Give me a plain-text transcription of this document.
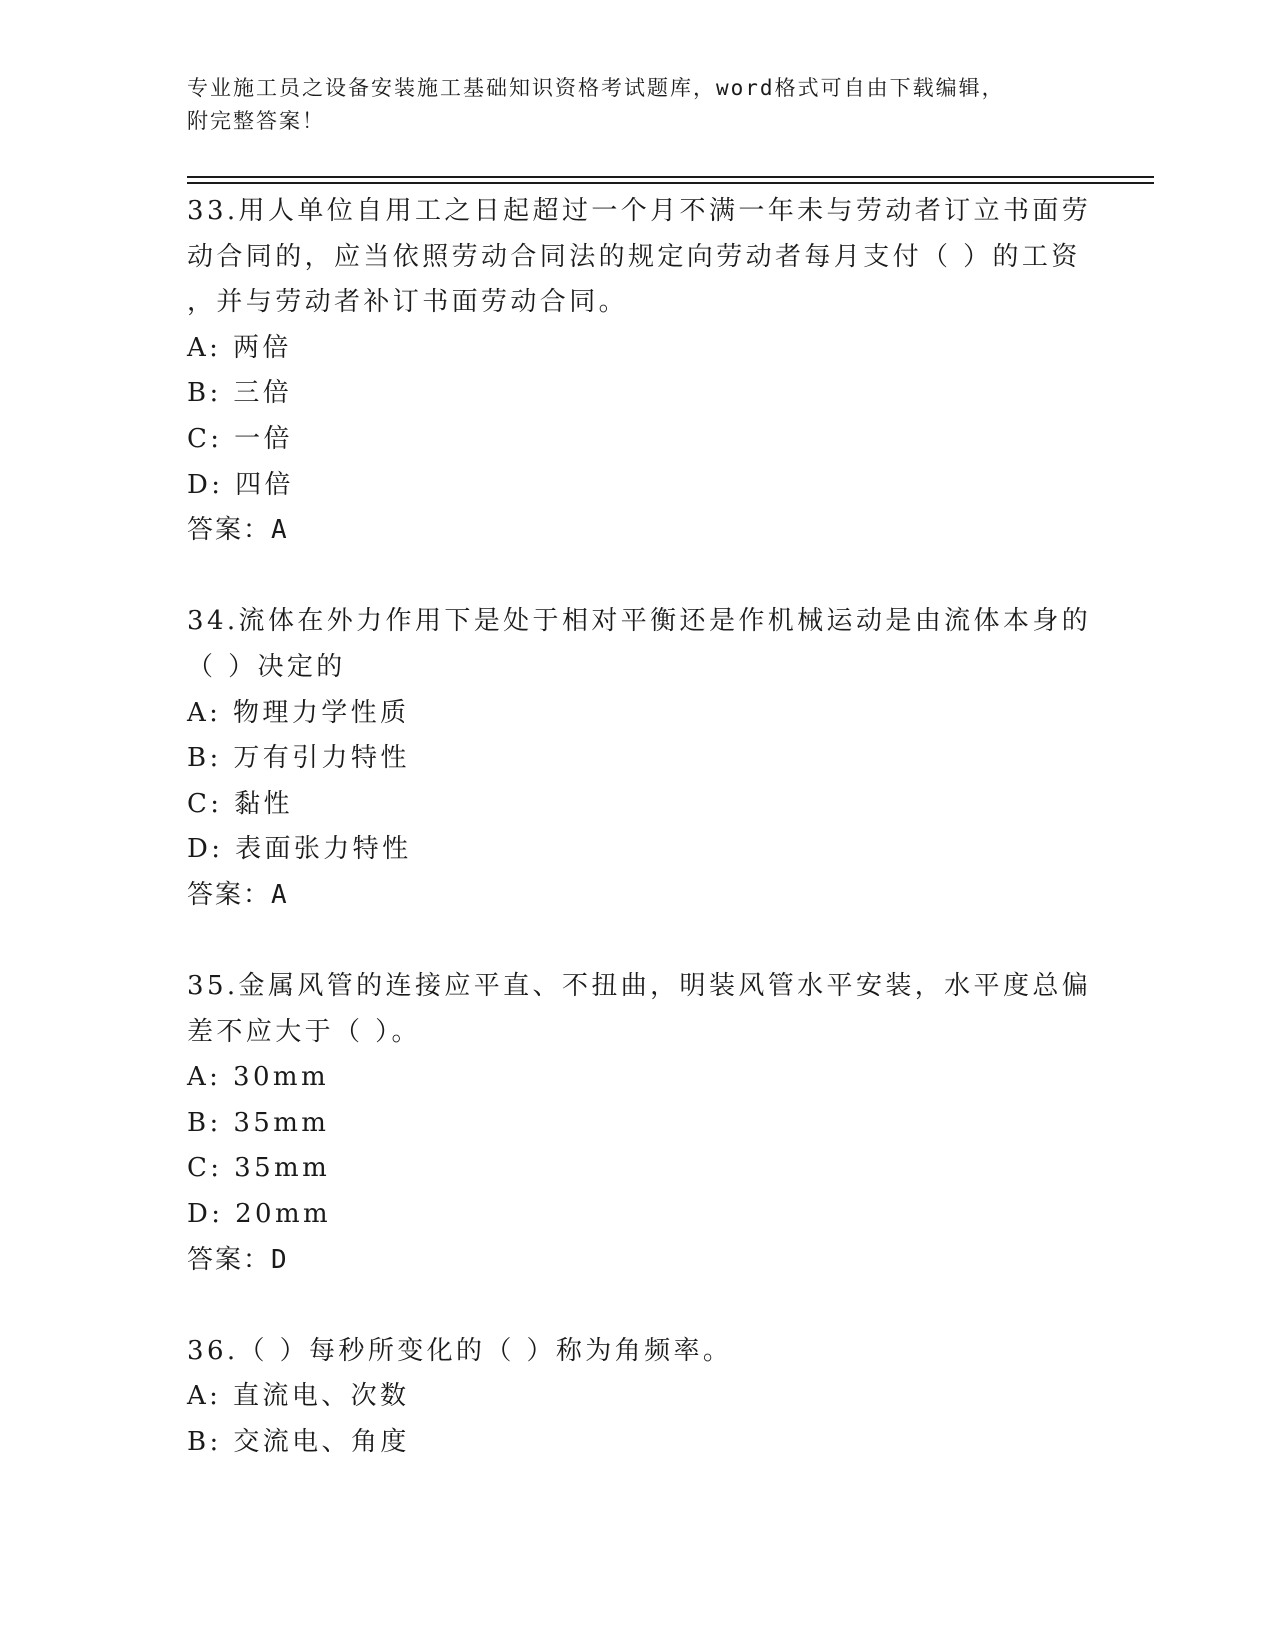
专业施工员之设备安装施工基础知识资格考试题库，word格式可自由下载编辑，

附完整答案！

33.用人单位自用工之日起超过一个月不满一年未与劳动者订立书面劳
动合同的，应当依照劳动合同法的规定向劳动者每月支付（ ）的工资
，并与劳动者补订书面劳动合同。
A: 两倍
B: 三倍
C: 一倍
D: 四倍
答案：A
34.流体在外力作用下是处于相对平衡还是作机械运动是由流体本身的
（ ）决定的
A: 物理力学性质
B: 万有引力特性
C: 黏性
D: 表面张力特性
答案：A
35.金属风管的连接应平直、不扭曲，明装风管水平安装，水平度总偏
差不应大于（ ）。
A: 30mm
B: 35mm
C: 35mm
D: 20mm
答案：D
36.（ ）每秒所变化的（ ）称为角频率。
A: 直流电、次数
B: 交流电、角度
